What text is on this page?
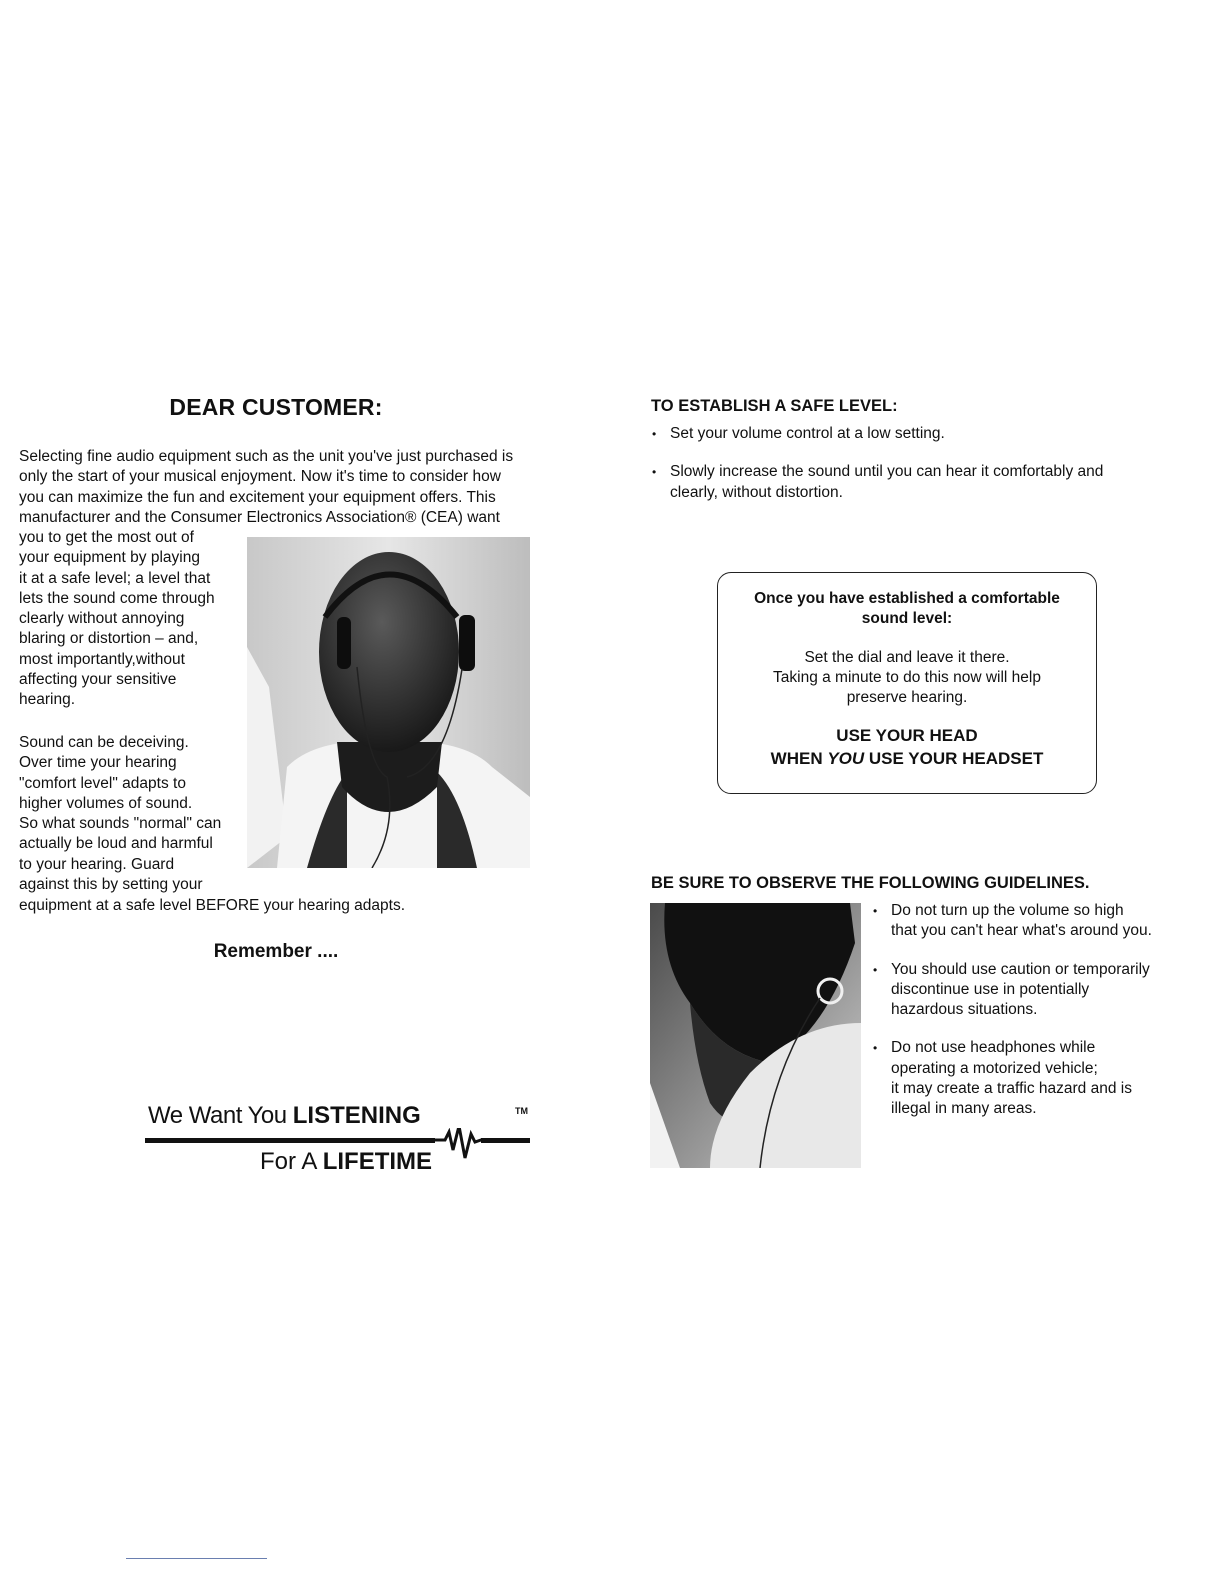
DEAR CUSTOMER:
Selecting fine audio equipment such as the unit you've just purchased is
only the start of your musical enjoyment. Now it's time to consider how
you can maximize the fun and excitement your equipment offers. This
manufacturer and the Consumer Electronics Association® (CEA) want
you to get the most out of
your equipment by playing
it at a safe level; a level that
lets the sound come through
clearly without annoying
blaring or distortion – and,
most importantly,without
affecting your sensitive
hearing.
Sound can be deceiving.
Over time your hearing
"comfort level" adapts to
higher volumes of sound.
So what sounds "normal" can
actually be loud and harmful
to your hearing. Guard
against this by setting your
equipment at a safe level BEFORE your hearing adapts.
Remember ....
We Want You LISTENING	TM
For A LIFETIME
TO ESTABLISH A SAFE LEVEL:
• Set your volume control at a low setting.
• Slowly increase the sound until you can hear it comfortably and
clearly, without distortion.
Once you have established a comfortable
sound level:
Set the dial and leave it there.
Taking a minute to do this now will help
preserve hearing.
USE YOUR HEAD
WHEN YOU USE YOUR HEADSET
BE SURE TO OBSERVE THE FOLLOWING GUIDELINES.
• Do not turn up the volume so high
that you can't hear what's around you.
• You should use caution or temporarily
discontinue use in potentially
hazardous situations.
• Do not use headphones while
operating a motorized vehicle;
it may create a traffic hazard and is
illegal in many areas.
